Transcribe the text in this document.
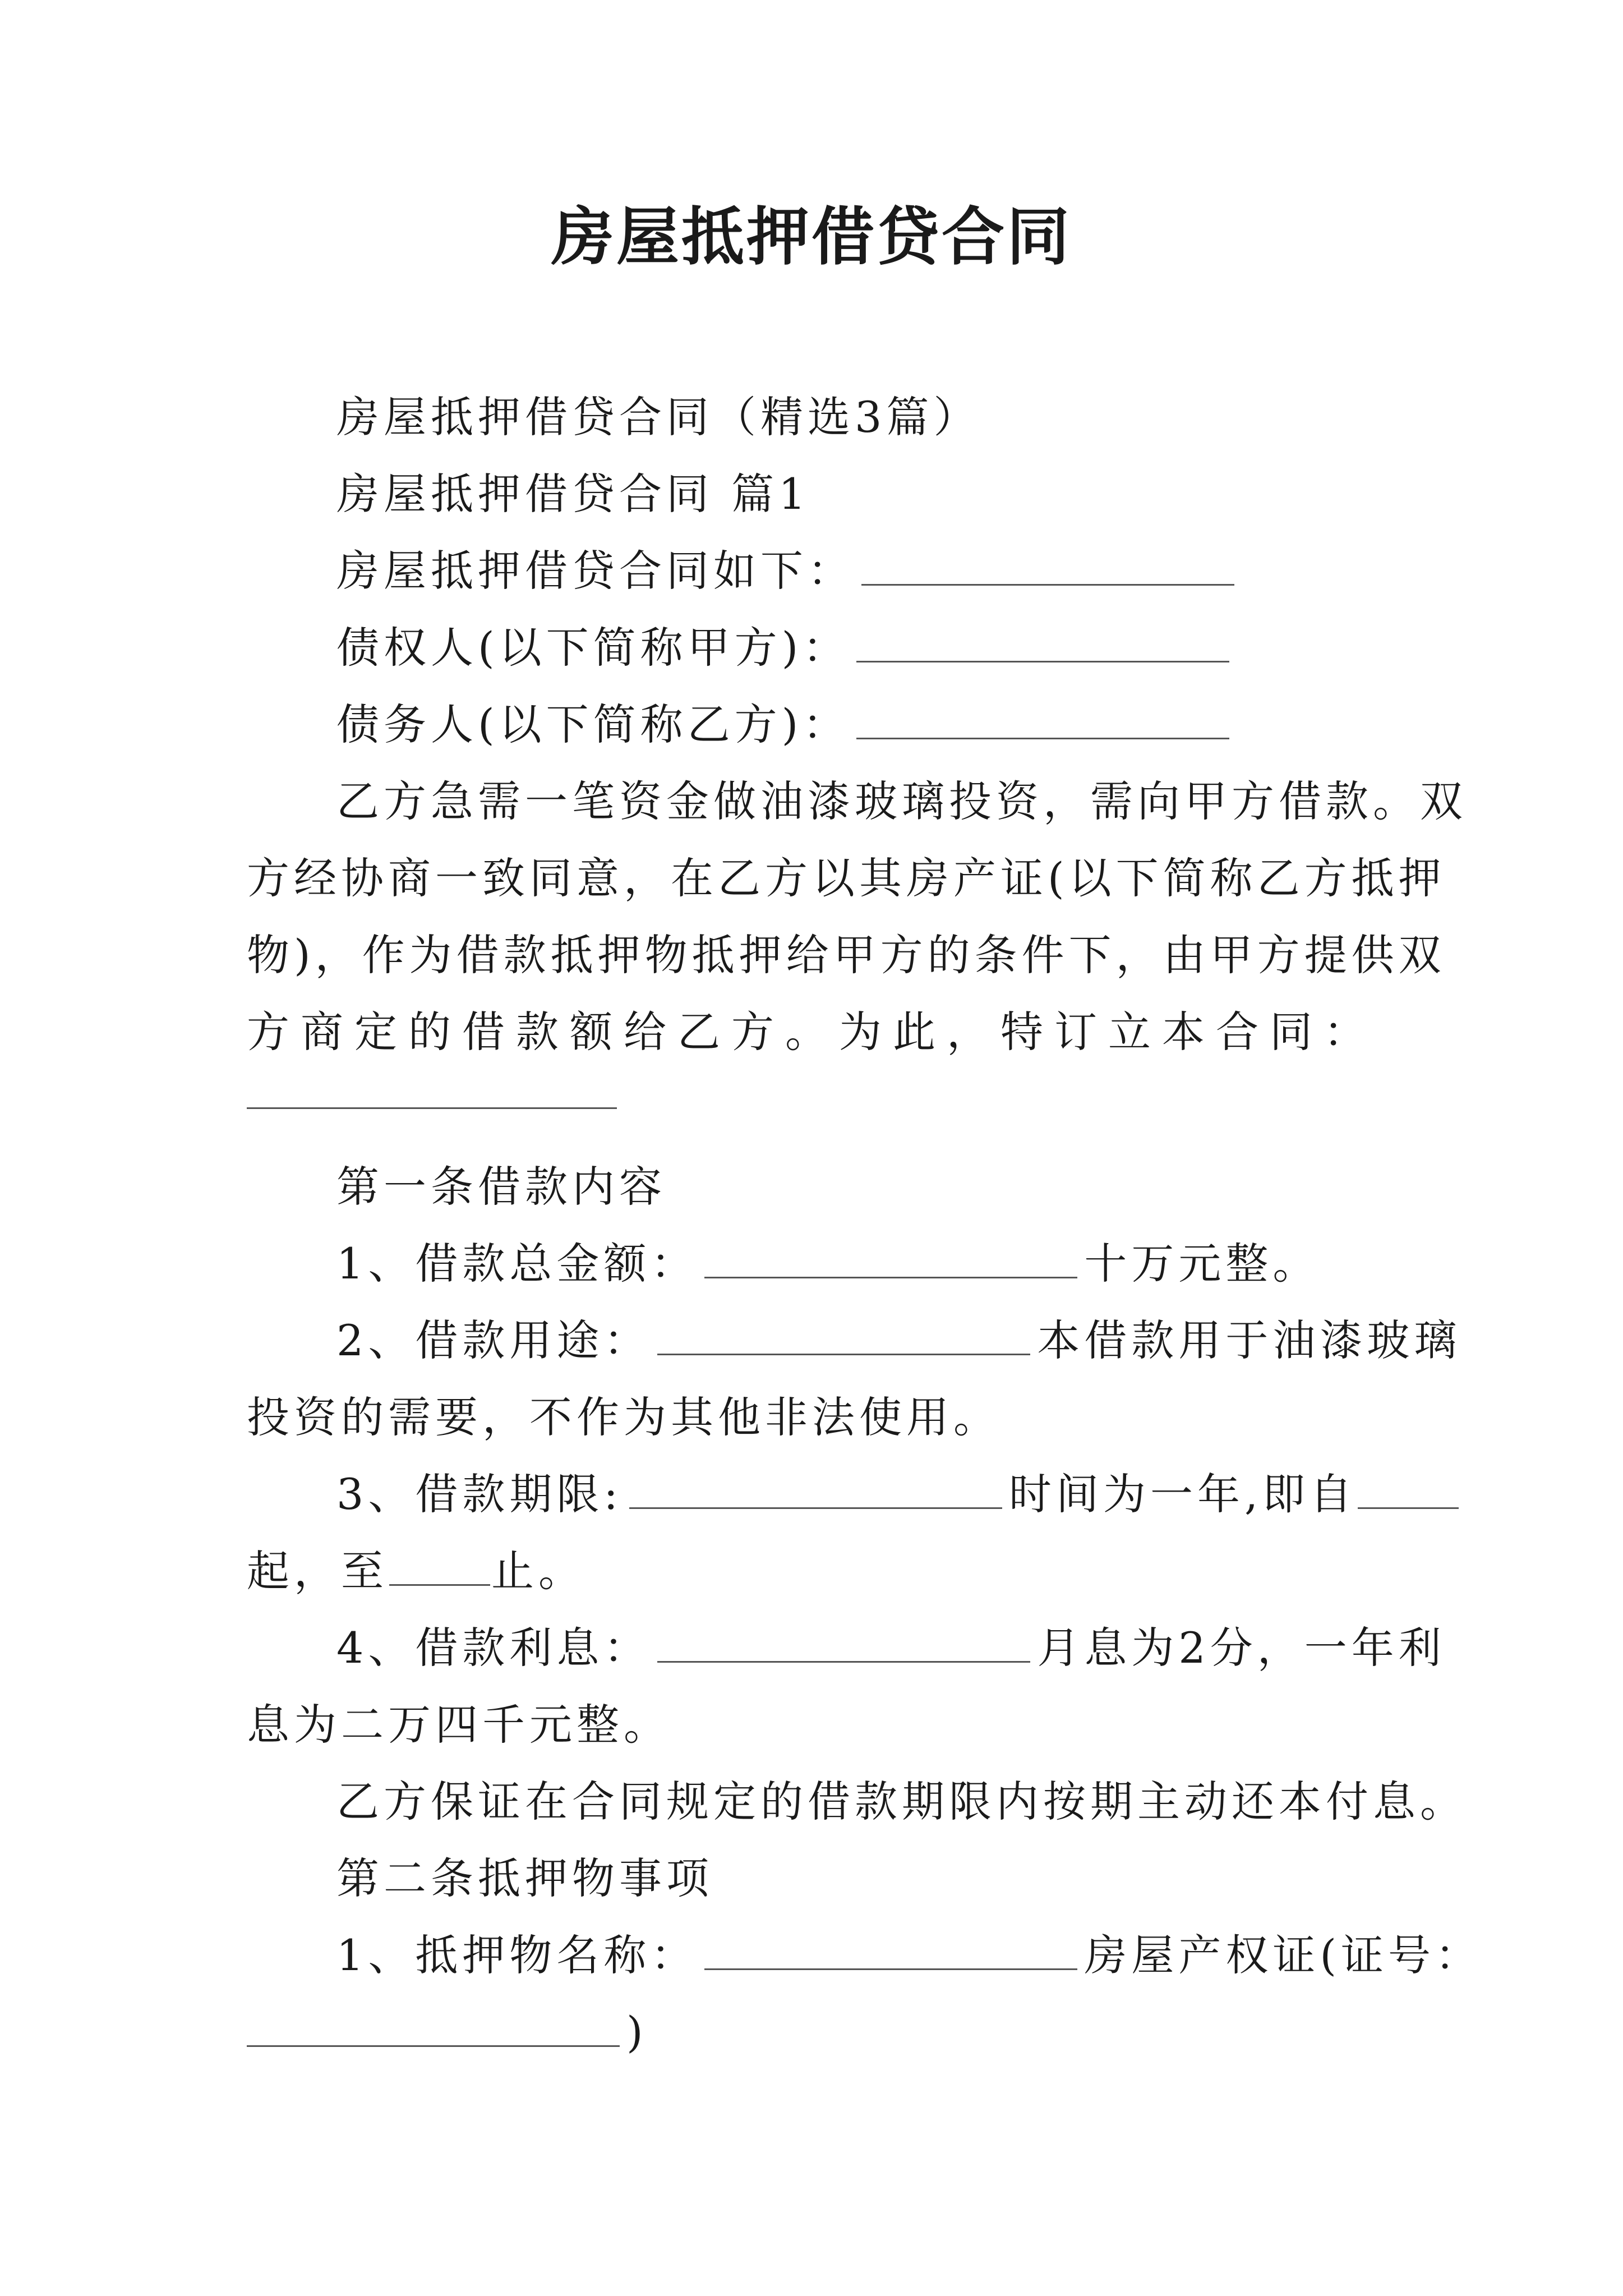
房屋抵押借贷合同

房屋抵押借贷合同（精选3篇）

房屋抵押借贷合同 篇1

房屋抵押借贷合同如下：

债权人(以下简称甲方)：

债务人(以下简称乙方)：

乙方急需一笔资金做油漆玻璃投资，需向甲方借款。双

方经协商一致同意，在乙方以其房产证(以下简称乙方抵押

物)，作为借款抵押物抵押给甲方的条件下，由甲方提供双

方商定的借款额给乙方。为此，特订立本合同：

第一条借款内容

1、借款总金额：	十万元整。

2、借款用途：	本借款用于油漆玻璃

投资的需要，不作为其他非法使用。

3、借款期限:	时间为一年,即自

起，至 止。

4、借款利息：	月息为2分，一年利

息为二万四千元整。

乙方保证在合同规定的借款期限内按期主动还本付息。

第二条抵押物事项

1、抵押物名称：	房屋产权证(证号：

)
